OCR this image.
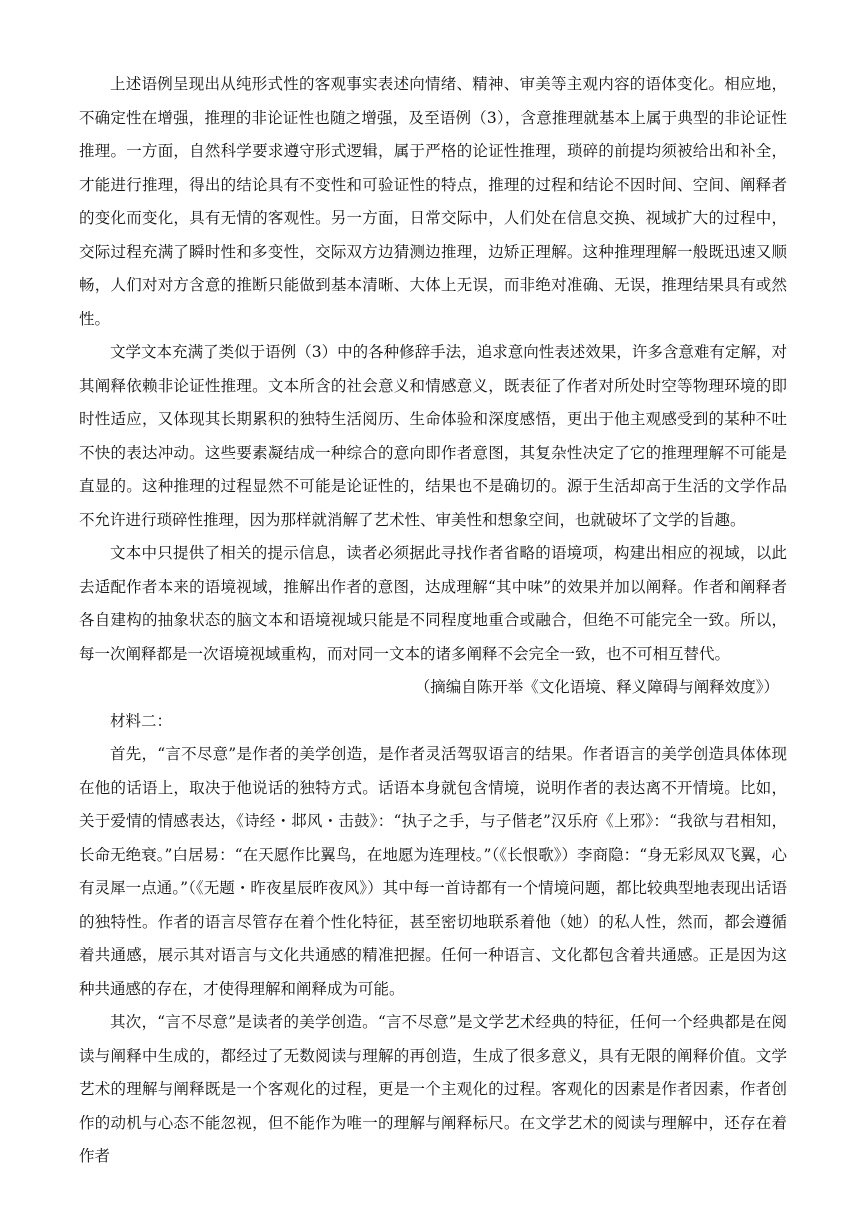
上述语例呈现出从纯形式性的客观事实表述向情绪、精神、审美等主观内容的语体变化。相应地，不确定性在增强，推理的非论证性也随之增强，及至语例（3），含意推理就基本上属于典型的非论证性推理。一方面，自然科学要求遵守形式逻辑，属于严格的论证性推理，琐碎的前提均须被给出和补全，才能进行推理，得出的结论具有不变性和可验证性的特点，推理的过程和结论不因时间、空间、阐释者的变化而变化，具有无情的客观性。另一方面，日常交际中，人们处在信息交换、视域扩大的过程中，交际过程充满了瞬时性和多变性，交际双方边猜测边推理，边矫正理解。这种推理理解一般既迅速又顺畅，人们对对方含意的推断只能做到基本清晰、大体上无误，而非绝对准确、无误，推理结果具有或然性。

文学文本充满了类似于语例（3）中的各种修辞手法，追求意向性表述效果，许多含意难有定解，对其阐释依赖非论证性推理。文本所含的社会意义和情感意义，既表征了作者对所处时空等物理环境的即时性适应，又体现其长期累积的独特生活阅历、生命体验和深度感悟，更出于他主观感受到的某种不吐不快的表达冲动。这些要素凝结成一种综合的意向即作者意图，其复杂性决定了它的推理理解不可能是直显的。这种推理的过程显然不可能是论证性的，结果也不是确切的。源于生活却高于生活的文学作品不允许进行琐碎性推理，因为那样就消解了艺术性、审美性和想象空间，也就破坏了文学的旨趣。

文本中只提供了相关的提示信息，读者必须据此寻找作者省略的语境项，构建出相应的视域，以此去适配作者本来的语境视域，推解出作者的意图，达成理解“其中味”的效果并加以阐释。作者和阐释者各自建构的抽象状态的脑文本和语境视域只能是不同程度地重合或融合，但绝不可能完全一致。所以，每一次阐释都是一次语境视域重构，而对同一文本的诸多阐释不会完全一致，也不可相互替代。

（摘编自陈开举《文化语境、释义障碍与阐释效度》）

材料二：

首先，“言不尽意”是作者的美学创造，是作者灵活驾驭语言的结果。作者语言的美学创造具体体现在他的话语上，取决于他说话的独特方式。话语本身就包含情境，说明作者的表达离不开情境。比如，关于爱情的情感表达，《诗经・邶风・击鼓》：“执子之手，与子偕老”汉乐府《上邪》：“我欲与君相知，长命无绝衰。”白居易：“在天愿作比翼鸟，在地愿为连理枝。”（《长恨歌》）李商隐：“身无彩凤双飞翼，心有灵犀一点通。”（《无题・昨夜星辰昨夜风》）其中每一首诗都有一个情境问题，都比较典型地表现出话语的独特性。作者的语言尽管存在着个性化特征，甚至密切地联系着他（她）的私人性，然而，都会遵循着共通感，展示其对语言与文化共通感的精准把握。任何一种语言、文化都包含着共通感。正是因为这种共通感的存在，才使得理解和阐释成为可能。

其次，“言不尽意”是读者的美学创造。“言不尽意”是文学艺术经典的特征，任何一个经典都是在阅读与阐释中生成的，都经过了无数阅读与理解的再创造，生成了很多意义，具有无限的阐释价值。文学艺术的理解与阐释既是一个客观化的过程，更是一个主观化的过程。客观化的因素是作者因素，作者创作的动机与心态不能忽视，但不能作为唯一的理解与阐释标尺。在文学艺术的阅读与理解中，还存在着作者
